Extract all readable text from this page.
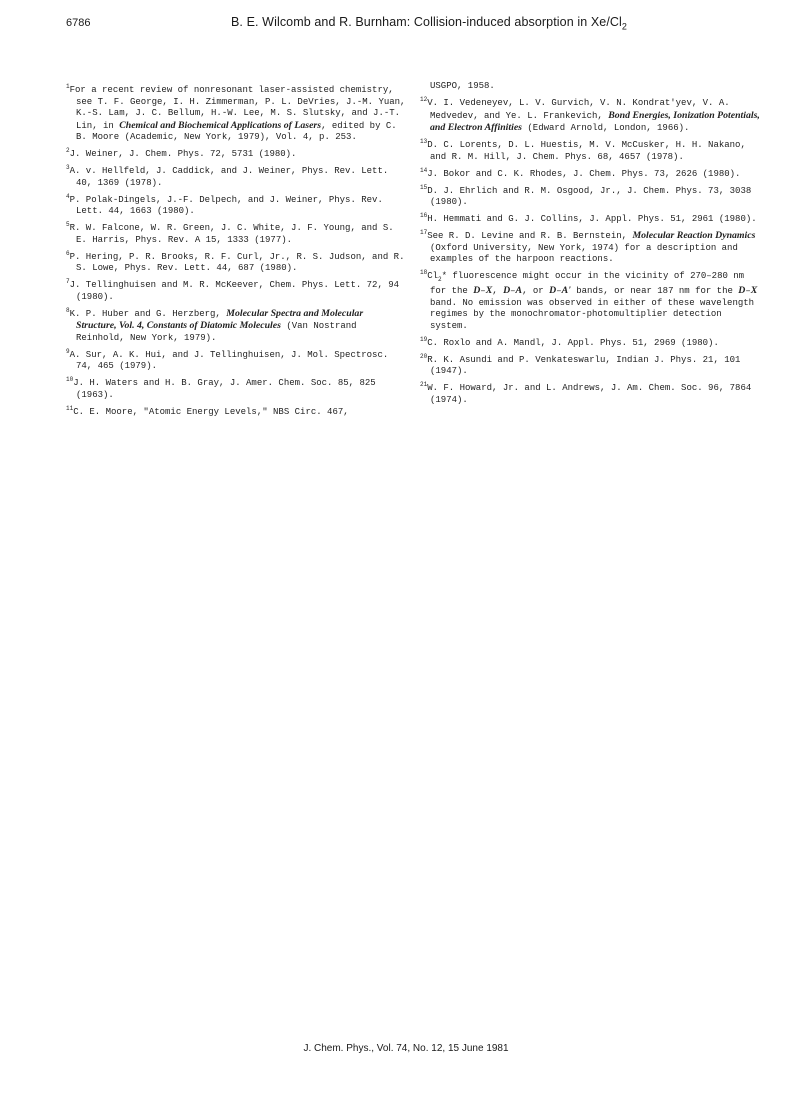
6786	B. E. Wilcomb and R. Burnham: Collision-induced absorption in $Xe/Cl_2$

$^1$For a recent review of nonresonant laser-assisted chemistry, see T. F. George, I. H. Zimmerman, P. L. DeVries, J.-M. Yuan, K.-S. Lam, J. C. Bellum, H.-W. Lee, M. S. Slutsky, and J.-T. Lin, in Chemical and Biochemical Applications of Lasers, edited by C. B. Moore (Academic, New York, 1979), Vol. 4, p. 253.

$^2$J. Weiner, J. Chem. Phys. 72, 5731 (1980).

$^3$A. v. Hellfeld, J. Caddick, and J. Weiner, Phys. Rev. Lett. 40, 1369 (1978).

$^4$P. Polak-Dingels, J.-F. Delpech, and J. Weiner, Phys. Rev. Lett. 44, 1663 (1980).

$^5$R. W. Falcone, W. R. Green, J. C. White, J. F. Young, and S. E. Harris, Phys. Rev. A 15, 1333 (1977).

$^6$P. Hering, P. R. Brooks, R. F. Curl, Jr., R. S. Judson, and R. S. Lowe, Phys. Rev. Lett. 44, 687 (1980).

$^7$J. Tellinghuisen and M. R. McKeever, Chem. Phys. Lett. 72, 94 (1980).

$^8$K. P. Huber and G. Herzberg, Molecular Spectra and Molecular Structure, Vol. 4, Constants of Diatomic Molecules (Van Nostrand Reinhold, New York, 1979).

$^9$A. Sur, A. K. Hui, and J. Tellinghuisen, J. Mol. Spectrosc. 74, 465 (1979).

$^{10}$J. H. Waters and H. B. Gray, J. Amer. Chem. Soc. 85, 825 (1963).

$^{11}$C. E. Moore, "Atomic Energy Levels," NBS Circ. 467,

USGPO, 1958.

$^{12}$V. I. Vedeneyev, L. V. Gurvich, V. N. Kondrat'yev, V. A. Medvedev, and Ye. L. Frankevich, Bond Energies, Ionization Potentials, and Electron Affinities (Edward Arnold, London, 1966).

$^{13}$D. C. Lorents, D. L. Huestis, M. V. McCusker, H. H. Nakano, and R. M. Hill, J. Chem. Phys. 68, 4657 (1978).

$^{14}$J. Bokor and C. K. Rhodes, J. Chem. Phys. 73, 2626 (1980).

$^{15}$D. J. Ehrlich and R. M. Osgood, Jr., J. Chem. Phys. 73, 3038 (1980).

$^{16}$H. Hemmati and G. J. Collins, J. Appl. Phys. 51, 2961 (1980).

$^{17}$See R. D. Levine and R. B. Bernstein, Molecular Reaction Dynamics (Oxford University, New York, 1974) for a description and examples of the harpoon reactions.

$^{18}Cl_2*$ fluorescence might occur in the vicinity of 270–280 nm for the D–X, D–A, or D–A' bands, or near 187 nm for the D–X band. No emission was observed in either of these wavelength regimes by the monochromator-photomultiplier detection system.

$^{19}$C. Roxlo and A. Mandl, J. Appl. Phys. 51, 2969 (1980).

$^{20}$R. K. Asundi and P. Venkateswarlu, Indian J. Phys. 21, 101 (1947).

$^{21}$W. F. Howard, Jr. and L. Andrews, J. Am. Chem. Soc. 96, 7864 (1974).

J. Chem. Phys., Vol. 74, No. 12, 15 June 1981
